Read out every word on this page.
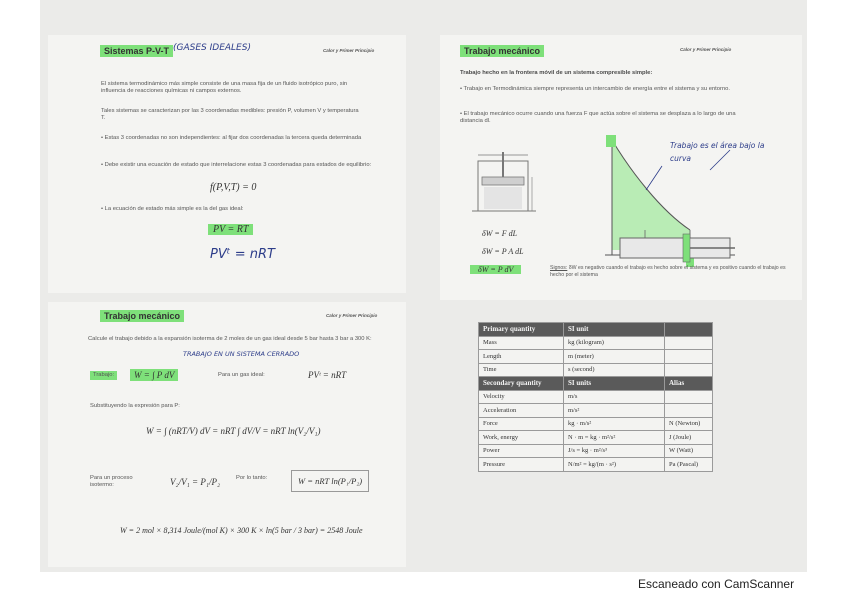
Sistemas P-V-T (GASES IDEALES)	Calor y Primer Principio
El sistema termodinámico más simple consiste de una masa fija de un fluido isotrópico puro, sin influencia de reacciones químicas ni campos externos.
Tales sistemas se caracterizan por las 3 coordenadas medibles: presión P, volumen V y temperatura T.
• Estas 3 coordenadas no son independientes: al fijar dos coordenadas la tercera queda determinada
• Debe existir una ecuación de estado que interrelacione estas 3 coordenadas para estados de equilibrio:
f(P,V,T) = 0
• La ecuación de estado más simple es la del gas ideal:
PV = RT
PVᵗ = nRT
Trabajo mecánico	Calor y Primer Principio
Trabajo hecho en la frontera móvil de un sistema compresible simple:
• Trabajo en Termodinámica siempre representa un intercambio de energía entre el sistema y su entorno.
• El trabajo mecánico ocurre cuando una fuerza F que actúa sobre el sistema se desplaza a lo largo de una distancia dl.
δW = F dL
δW = P A dL
δW = P dV
Trabajo es el área bajo la curva
Signos: δW es negativo cuando el trabajo es hecho sobre el sistema y es positivo cuando el trabajo es hecho por el sistema
Trabajo mecánico	Calor y Primer Principio
Calcule el trabajo debido a la expansión isoterma de 2 moles de un gas ideal desde 5 bar hasta 3 bar a 300 K:
TRABAJO EN UN SISTEMA CERRADO
Trabajo:	W = ∫ P dV	Para un gas ideal:	PVᵗ = nRT
Substituyendo la expresión para P:
W = ∫ (nRT/V) dV = nRT ∫ dV/V = nRT ln(V₂/V₁)
Para un proceso isotermo:	V₂/V₁ = P₁/P₂	Por lo tanto:	W = nRT ln(P₁/P₂)
W = 2 mol × 8,314 Joule/(mol K) × 300 K × ln(5 bar / 3 bar) = 2548 Joule
Primary quantity	SI unit	
Mass	kg (kilogram)	
Length	m (meter)	
Time	s (second)	
Secondary quantity	SI units	Alias
Velocity	m/s	
Acceleration	m/s²	
Force	kg · m/s²	N (Newton)
Work, energy	N · m = kg · m²/s²	J (Joule)
Power	J/s = kg · m²/s³	W (Watt)
Pressure	N/m² = kg/(m · s²)	Pa (Pascal)
Escaneado con CamScanner
